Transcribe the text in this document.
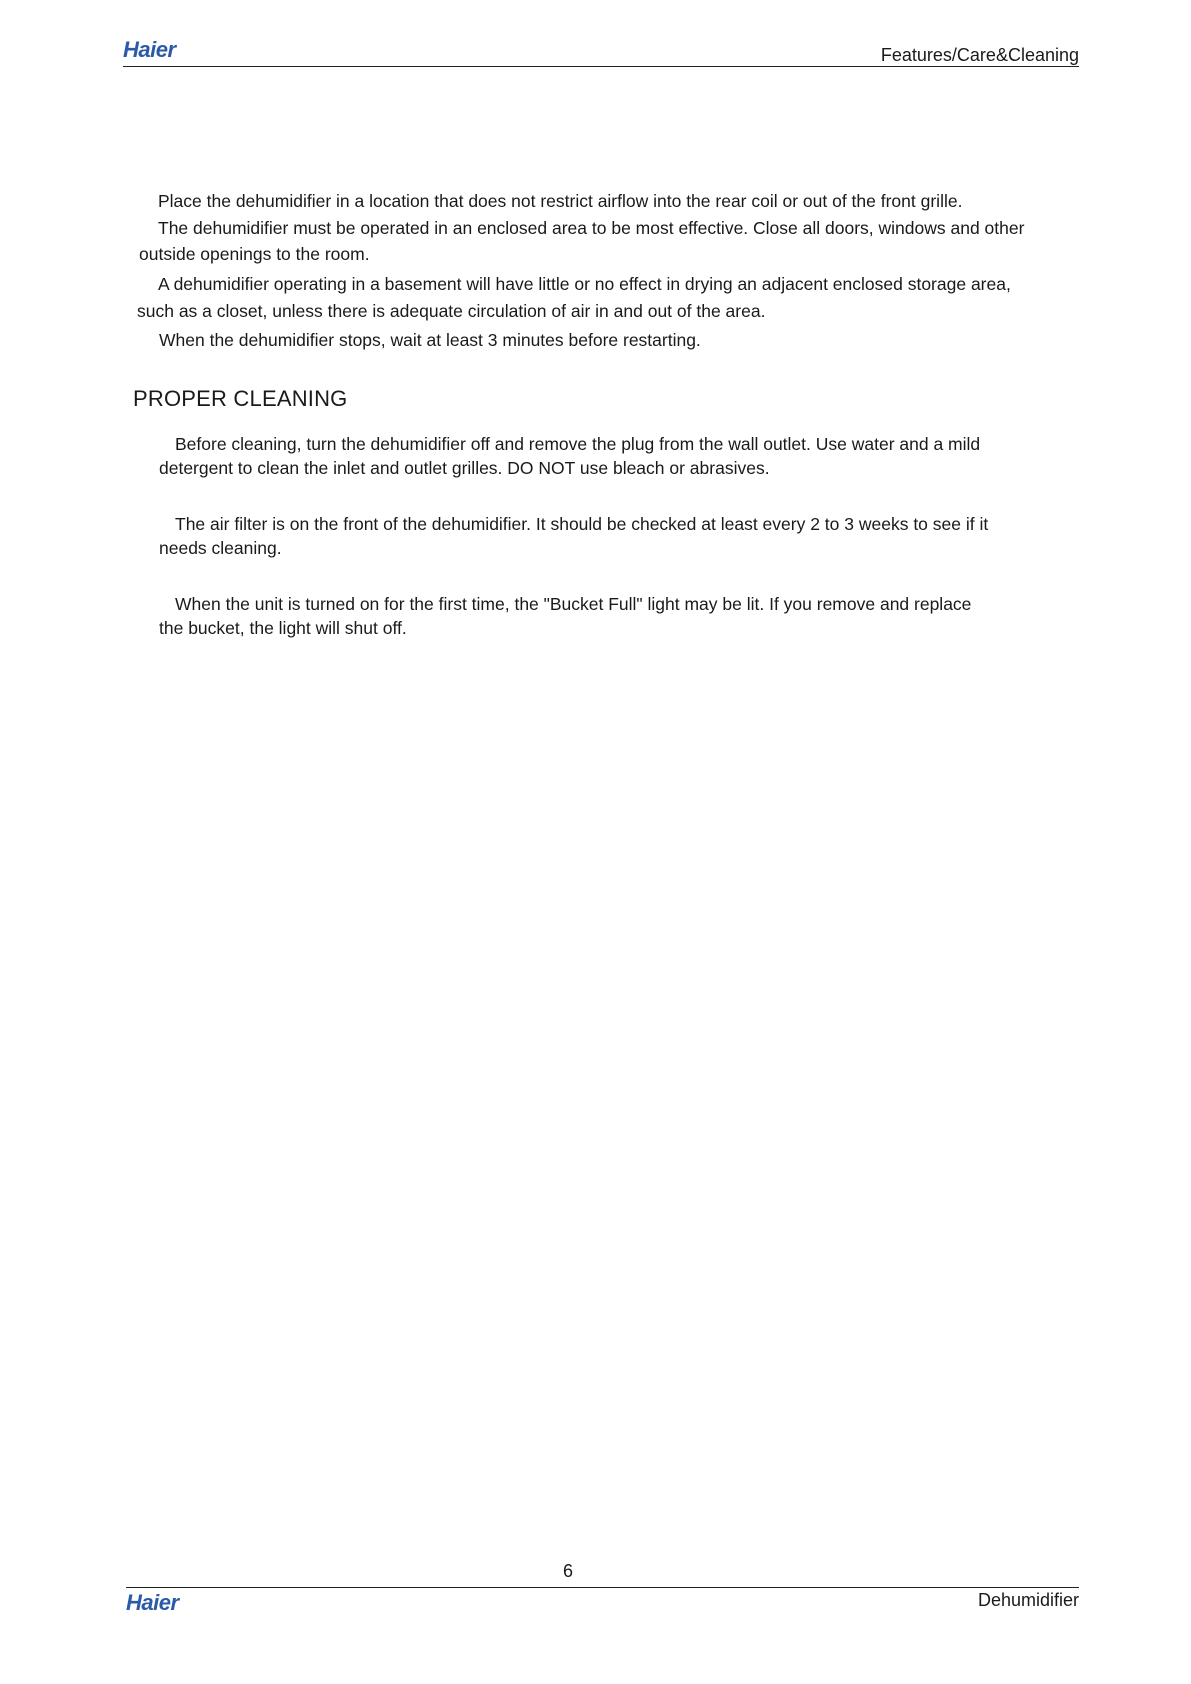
Haier	Features/Care&Cleaning
Place the dehumidifier in a location that does not restrict airflow into the rear coil or out of the front grille.
The dehumidifier must be operated in an enclosed area to be most effective. Close all doors, windows and other
outside openings to the room.
A dehumidifier operating in a basement will have little or no effect in drying an adjacent enclosed storage area,
such as a closet, unless there is adequate circulation of air in and out of the area.
When the dehumidifier stops, wait at least 3 minutes before restarting.
PROPER CLEANING
Before cleaning, turn the dehumidifier off and remove the plug from the wall outlet. Use water and a mild
detergent to clean the inlet and outlet grilles. DO NOT use bleach or abrasives.
The air filter is on the front of the dehumidifier. It should be checked at least every 2 to 3 weeks to see if it
needs cleaning.
When the unit is turned on for the first time, the "Bucket Full" light may be lit. If you remove and replace
the bucket, the light will shut off.
6
Haier	Dehumidifier
